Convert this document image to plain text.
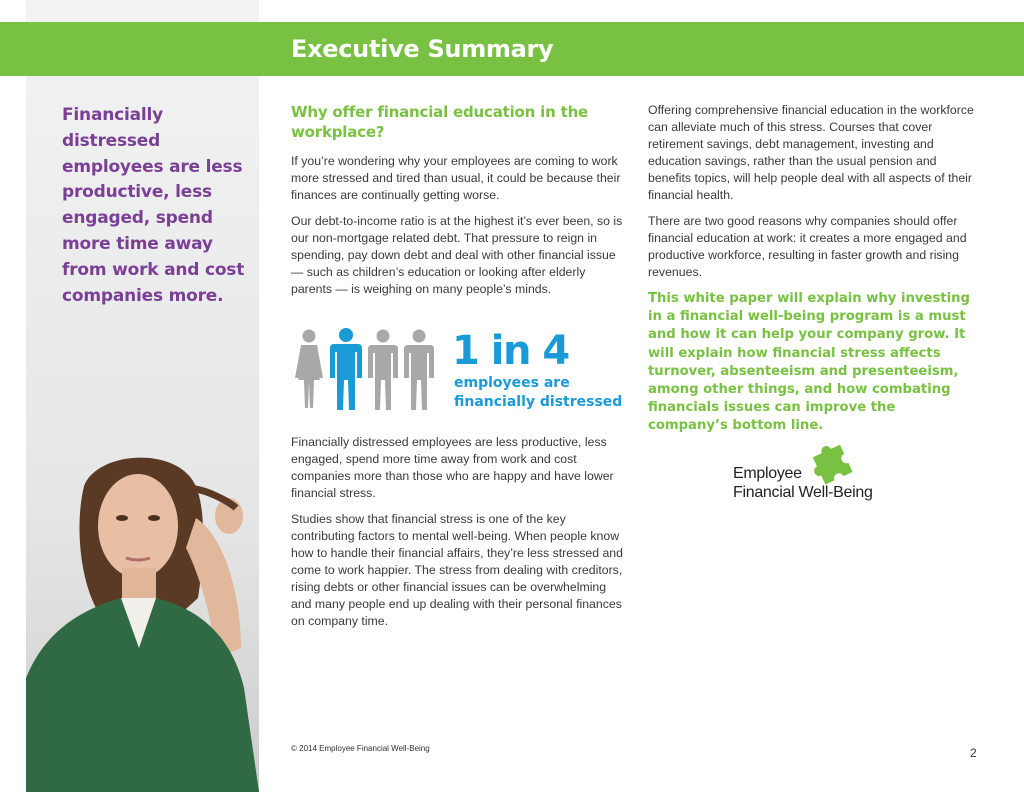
Executive Summary
Financially distressed employees are less productive, less engaged, spend more time away from work and cost companies more.
Why offer financial education in the workplace?

If you’re wondering why your employees are coming to work more stressed and tired than usual, it could be because their finances are continually getting worse.

Our debt-to-income ratio is at the highest it’s ever been, so is our non-mortgage related debt. That pressure to reign in spending, pay down debt and deal with other financial issue — such as children’s education or looking after elderly parents — is weighing on many people’s minds.

1 in 4
employees are financially distressed

Financially distressed employees are less productive, less engaged, spend more time away from work and cost companies more than those who are happy and have lower financial stress.

Studies show that financial stress is one of the key contributing factors to mental well-being. When people know how to handle their financial affairs, they’re less stressed and come to work happier. The stress from dealing with creditors, rising debts or other financial issues can be overwhelming and many people end up dealing with their personal finances on company time.

Offering comprehensive financial education in the workforce can alleviate much of this stress. Courses that cover retirement savings, debt management, investing and education savings, rather than the usual pension and benefits topics, will help people deal with all aspects of their financial health.

There are two good reasons why companies should offer financial education at work: it creates a more engaged and productive workforce, resulting in faster growth and rising revenues.

This white paper will explain why investing in a financial well-being program is a must and how it can help your company grow. It will explain how financial stress affects turnover, absenteeism and presenteeism, among other things, and how combating financials issues can improve the company’s bottom line.

Employee
Financial Well-Being
© 2014 Employee Financial Well-Being	2
